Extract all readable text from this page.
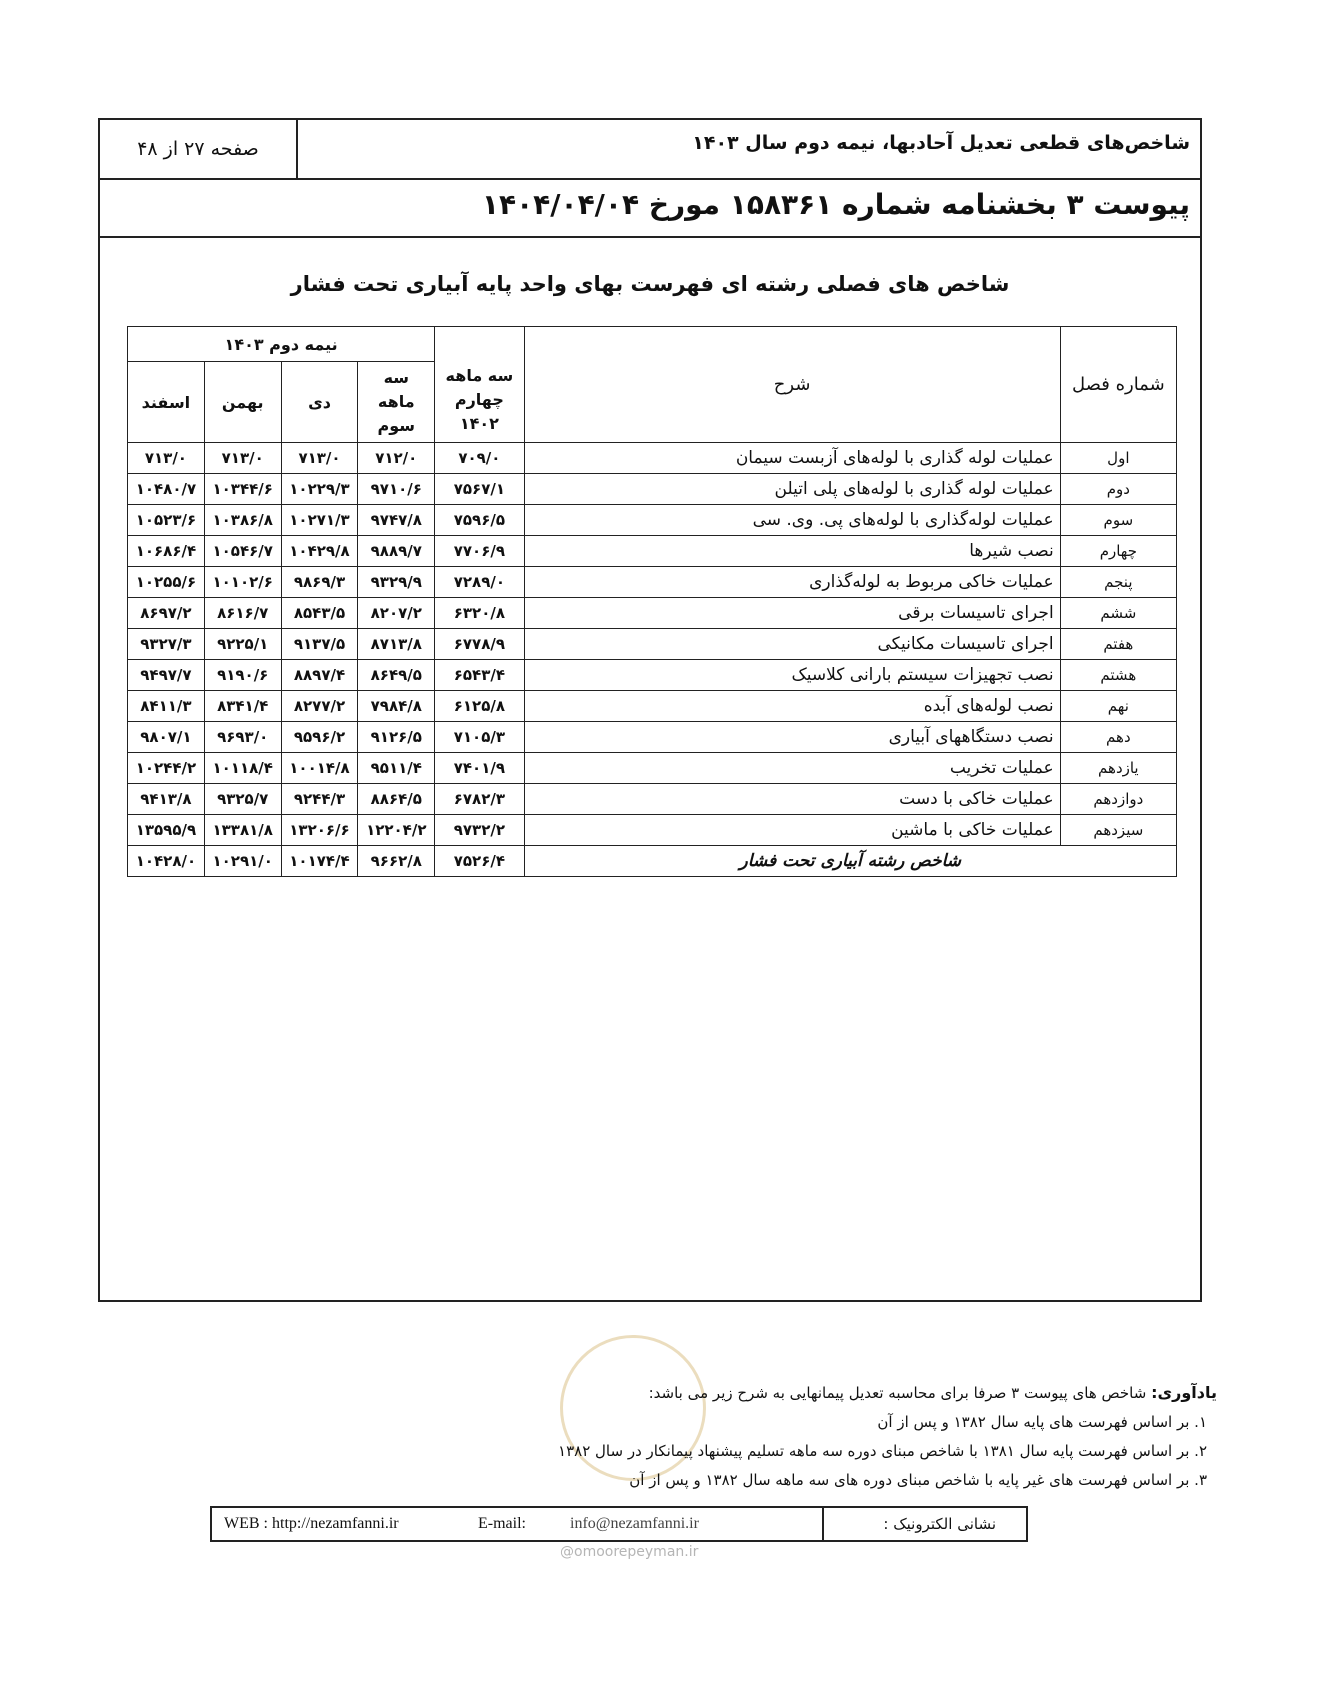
شاخص‌های قطعی تعدیل آحادبها، نیمه دوم سال ۱۴۰۳
صفحه ۲۷ از ۴۸
پیوست ۳ بخشنامه شماره ۱۵۸۳۶۱ مورخ ۱۴۰۴/۰۴/۰۴
شاخص های فصلی رشته ای فهرست بهای واحد پایه آبیاری تحت فشار
شماره فصل	شرح	سه ماهه چهارم ۱۴۰۲	نیمه دوم ۱۴۰۳			
			سه ماهه سوم	دی	بهمن	اسفند
اول	عملیات لوله گذاری با لوله‌های آزبست سیمان	۷۰۹/۰	۷۱۲/۰	۷۱۳/۰	۷۱۳/۰	۷۱۳/۰
دوم	عملیات لوله گذاری با لوله‌های پلی اتیلن	۷۵۶۷/۱	۹۷۱۰/۶	۱۰۲۲۹/۳	۱۰۳۴۴/۶	۱۰۴۸۰/۷
سوم	عملیات لوله‌گذاری با لوله‌های پی. وی. سی	۷۵۹۶/۵	۹۷۴۷/۸	۱۰۲۷۱/۳	۱۰۳۸۶/۸	۱۰۵۲۳/۶
چهارم	نصب شیرها	۷۷۰۶/۹	۹۸۸۹/۷	۱۰۴۲۹/۸	۱۰۵۴۶/۷	۱۰۶۸۶/۴
پنجم	عملیات خاکی مربوط به لوله‌گذاری	۷۲۸۹/۰	۹۳۲۹/۹	۹۸۶۹/۳	۱۰۱۰۲/۶	۱۰۲۵۵/۶
ششم	اجرای تاسیسات برقی	۶۳۲۰/۸	۸۲۰۷/۲	۸۵۴۳/۵	۸۶۱۶/۷	۸۶۹۷/۲
هفتم	اجرای تاسیسات مکانیکی	۶۷۷۸/۹	۸۷۱۳/۸	۹۱۳۷/۵	۹۲۲۵/۱	۹۳۲۷/۳
هشتم	نصب تجهیزات سیستم بارانی کلاسیک	۶۵۴۳/۴	۸۶۴۹/۵	۸۸۹۷/۴	۹۱۹۰/۶	۹۴۹۷/۷
نهم	نصب لوله‌های آبده	۶۱۲۵/۸	۷۹۸۴/۸	۸۲۷۷/۲	۸۳۴۱/۴	۸۴۱۱/۳
دهم	نصب دستگاههای آبیاری	۷۱۰۵/۳	۹۱۲۶/۵	۹۵۹۶/۲	۹۶۹۳/۰	۹۸۰۷/۱
یازدهم	عملیات تخریب	۷۴۰۱/۹	۹۵۱۱/۴	۱۰۰۱۴/۸	۱۰۱۱۸/۴	۱۰۲۴۴/۲
دوازدهم	عملیات خاکی با دست	۶۷۸۲/۳	۸۸۶۴/۵	۹۲۴۴/۳	۹۳۲۵/۷	۹۴۱۳/۸
سیزدهم	عملیات خاکی با ماشین	۹۷۳۲/۲	۱۲۲۰۴/۲	۱۳۲۰۶/۶	۱۳۳۸۱/۸	۱۳۵۹۵/۹
شاخص رشته آبیاری تحت فشار		۷۵۲۶/۴	۹۶۶۲/۸	۱۰۱۷۴/۴	۱۰۲۹۱/۰	۱۰۴۲۸/۰
@omoorepeyman.ir
یادآوری: شاخص های پیوست ۳ صرفا برای محاسبه تعدیل پیمانهایی به شرح زیر می باشد:
۱. بر اساس فهرست های پایه سال ۱۳۸۲ و پس از آن
۲. بر اساس فهرست پایه سال ۱۳۸۱ با شاخص مبنای دوره سه ماهه تسلیم پیشنهاد پیمانکار در سال ۱۳۸۲
۳. بر اساس فهرست های غیر پایه با شاخص مبنای دوره های سه ماهه سال ۱۳۸۲ و پس از آن
نشانی الکترونیک :
WEB : http://nezamfanni.ir	E-mail:	info@nezamfanni.ir
